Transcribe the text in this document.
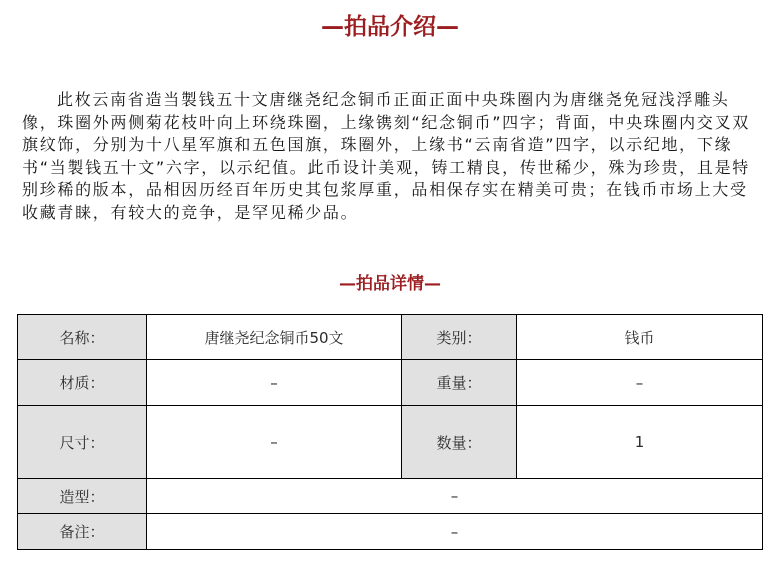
—拍品介绍—

此枚云南省造当製钱五十文唐继尧纪念铜币正面正面中央珠圈内为唐继尧免冠浅浮雕头像，珠圈外两侧菊花枝叶向上环绕珠圈，上缘镌刻“纪念铜币”四字；背面，中央珠圈内交叉双旗纹饰，分别为十八星军旗和五色国旗，珠圈外，上缘书“云南省造”四字，以示纪地，下缘书“当製钱五十文”六字，以示纪值。此币设计美观，铸工精良，传世稀少，殊为珍贵，且是特别珍稀的版本，品相因历经百年历史其包浆厚重，品相保存实在精美可贵；在钱币市场上大受收藏青睐，有较大的竞争，是罕见稀少品。

—拍品详情—
名称：	唐继尧纪念铜币50文	类别：	钱币
材质：	–	重量：	–
尺寸：	–	数量：	1
造型：	–		
备注：	–		
